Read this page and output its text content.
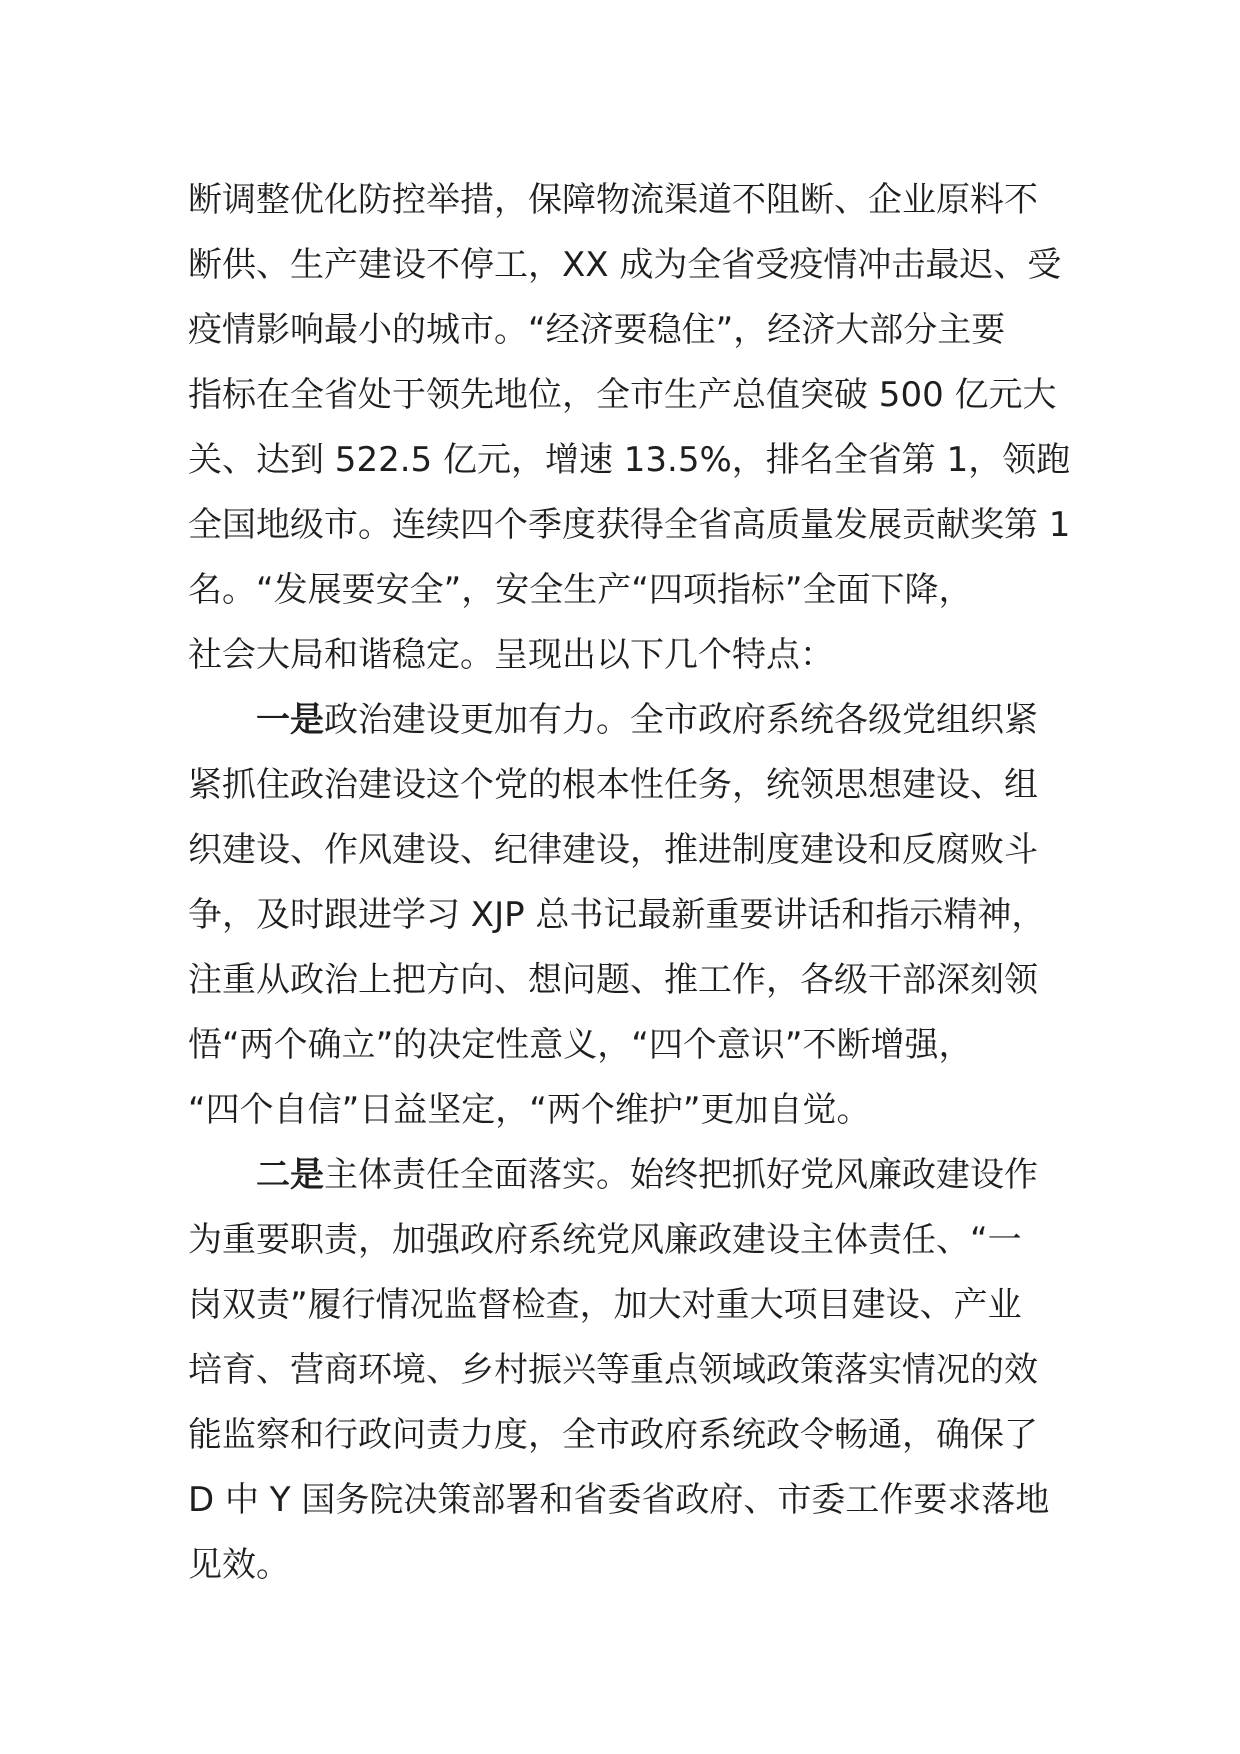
断调整优化防控举措，保障物流渠道不阻断、企业原料不
断供、生产建设不停工，XX 成为全省受疫情冲击最迟、受
疫情影响最小的城市。“经济要稳住”，经济大部分主要
指标在全省处于领先地位，全市生产总值突破 500 亿元大
关、达到 522.5 亿元，增速 13.5%，排名全省第 1，领跑
全国地级市。连续四个季度获得全省高质量发展贡献奖第 1
名。“发展要安全”，安全生产“四项指标”全面下降，
社会大局和谐稳定。呈现出以下几个特点：
一是政治建设更加有力。全市政府系统各级党组织紧
紧抓住政治建设这个党的根本性任务，统领思想建设、组
织建设、作风建设、纪律建设，推进制度建设和反腐败斗
争，及时跟进学习 XJP 总书记最新重要讲话和指示精神，
注重从政治上把方向、想问题、推工作，各级干部深刻领
悟“两个确立”的决定性意义，“四个意识”不断增强，
“四个自信”日益坚定，“两个维护”更加自觉。
二是主体责任全面落实。始终把抓好党风廉政建设作
为重要职责，加强政府系统党风廉政建设主体责任、“一
岗双责”履行情况监督检查，加大对重大项目建设、产业
培育、营商环境、乡村振兴等重点领域政策落实情况的效
能监察和行政问责力度，全市政府系统政令畅通，确保了
D 中 Y 国务院决策部署和省委省政府、市委工作要求落地
见效。
